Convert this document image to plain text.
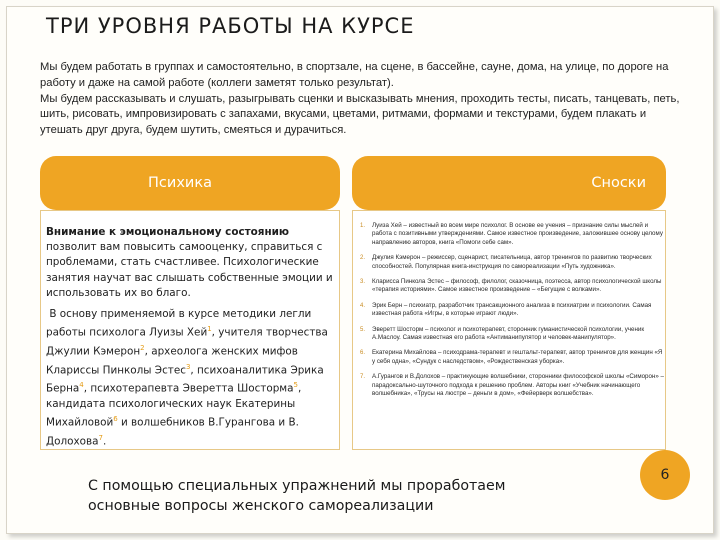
ТРИ УРОВНЯ РАБОТЫ НА КУРСЕ

Мы будем работать в группах и самостоятельно, в спортзале, на сцене, в бассейне, сауне, дома, на улице, по дороге на работу и даже на самой работе (коллеги заметят только результат).

Мы будем рассказывать и слушать, разыгрывать сценки и высказывать мнения, проходить тесты, писать, танцевать, петь, шить, рисовать, импровизировать с запахами, вкусами, цветами, ритмами, формами и текстурами, будем плакать и утешать друг друга, будем шутить, смеяться и дурачиться.

Психика	Сноски

Внимание к эмоциональному состоянию позволит вам повысить самооценку, справиться с проблемами, стать счастливее. Психологические занятия научат вас слышать собственные эмоции и использовать их во благо.

В основу применяемой в курсе методики легли работы психолога Луизы Хей$^1$, учителя творчества Джулии Кэмерон$^2$, археолога женских мифов Клариссы Пинколы Эстес$^3$, психоаналитика Эрика Берна$^4$, психотерапевта Эверетта Шосторма$^5$, кандидата психологических наук Екатерины Михайловой$^6$ и волшебников В.Гурангова и В. Долохова$^7$.

1. Луиза Хей – известный во всем мире психолог. В основе ее учения – признание силы мыслей и работа с позитивными утверждениями. Самое известное произведение, заложившее основу целому направлению авторов, книга «Помоги себе сам».
2. Джулия Кэмерон – режиссер, сценарист, писательница, автор тренингов по развитию творческих способностей. Популярная книга-инструкция по самореализации «Путь художника».
3. Кларисса Пинкола Эстес – философ, филолог, сказочница, поэтесса, автор психологической школы «терапия историями». Самое известное произведение – «Бегущие с волками».
4. Эрик Берн – психиатр, разработчик трансакционного анализа в психиатрии и психологии. Самая известная работа «Игры, в которые играют люди».
5. Эверетт Шосторм – психолог и психотерапевт, сторонник гуманистической психологии, ученик А.Маслоу. Самая известная его работа «Антиманипулятор и человек-манипулятор».
6. Екатерина Михайлова – психодрама-терапевт и гештальт-терапевт, автор тренингов для женщин «Я у себя одна», «Сундук с наследством», «Рождественская уборка».
7. А.Гурангов и В.Долохов – практикующие волшебники, сторонники философской школы «Симорон» – парадоксально-шуточного подхода к решению проблем. Авторы книг «Учебник начинающего волшебника», «Трусы на люстре – деньги в дом», «Фейерверк волшебства».
С помощью специальных упражнений мы проработаем основные вопросы женского самореализации
6
